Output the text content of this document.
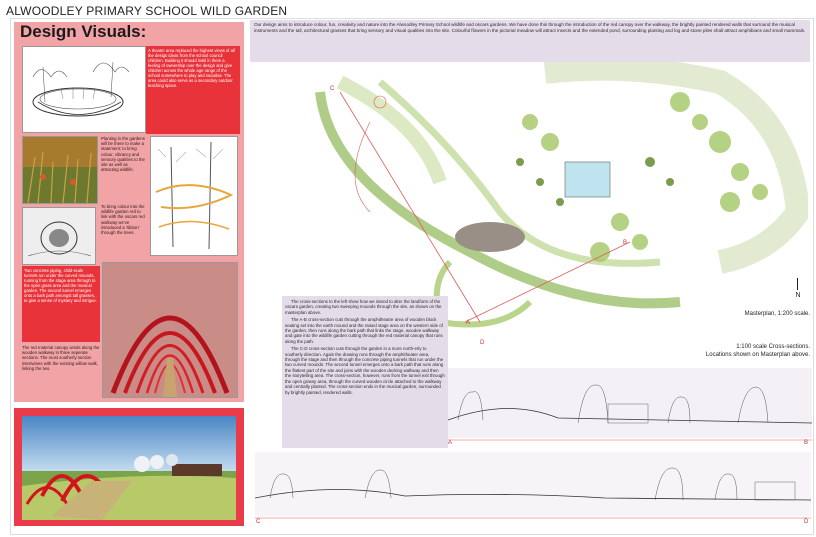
ALWOODLEY PRIMARY SCHOOL WILD GARDEN
Design Visuals:
A theatre area replaced the highest views of all the design ideas from the school council children. Building it should instil in them a feeling of ownership over the design and give children across the whole age range of the school somewhere to play and socialise. The area could also serve as a secondary outdoor teaching space.
Planting in the gardens will be there to make a statement; to bring colour, vibrancy and sensory qualities to the site as well as attracting wildlife.
To bring colour into the wildlife garden red to link with the oscars red walkway we've introduced a 'ribbon' through the trees.
Two concrete piping, child-scale tunnels run under the curved mounds, running from the stage area through to the open grass area and the musical garden. The second tunnel emerges onto a bark path amongst tall grasses, to give a sense of mystery and intrigue.
The red material canopy winds along the wooden walkway in three seperate sections. The most southerly section intertwines with the existing willow walk, linking the two.
Our design aims to introduce colour, fun, creativity and nature into the Alwoodley Primary School wildlife and oscars gardens. We have done this through the introduction of the red canopy over the walkway, the brightly painted rendered walls that surround the musical instruments and the tall, architectural grasses that bring sensory and visual qualities into the site. Colourful flowers in the pictorial meadow will attract insects and the extended pond, surrounding planting and log and stone piles shall attract amphibians and small mammals.
C
D
A
B
N
Masterplan, 1:200 scale.
The cross-sections to the left show how we intend to alter the landform of the oscars garden, creating two sweeping mounds through the site, as shown on the masterplan above.
The A-B cross-section cuts through the amphitheatre area of wooden block seating set into the earth mound and the raised stage area on the western side of the garden, then runs along the bark path that links the stage, wooden walkway and gate into the wildlife garden cutting through the red material canopy that runs along the path.
The C-D cross-section cuts through the garden in a more north-erly to southerly direction. Again the drawing runs through the amphitheater area, through the stage and then through the concrete piping tunnels that run under the two curved mounds. The second tunnel emerges onto a bark path that runs along the flattest part of the site and joins with the wooden decking walkway and then the storytelling area. The cross-section, however, runs from the tunnel exit through the open grassy area, through the curved wooden circle attached to the walkway and centrally planted. The cross-section ends in the musical garden, surrounded by brightly painted, rendered walls.
1:100 scale Cross-sections.
Locations shown on Masterplan above.
A	B
C	D
